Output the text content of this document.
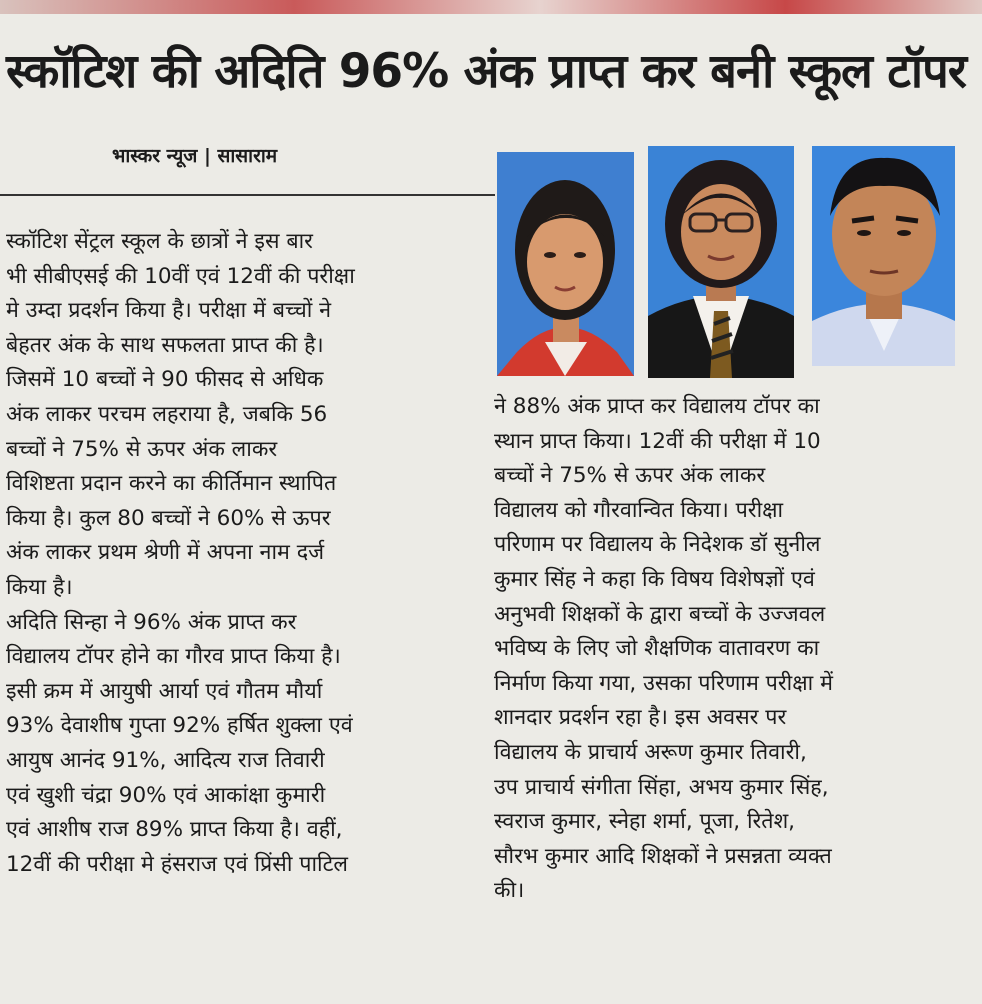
स्कॉटिश की अदिति 96% अंक प्राप्त कर बनी स्कूल टॉपर
भास्कर न्यूज | सासाराम

स्कॉटिश सेंट्रल स्कूल के छात्रों ने इस बार

भी सीबीएसई की 10वीं एवं 12वीं की परीक्षा

मे उम्दा प्रदर्शन किया है। परीक्षा में बच्चों ने

बेहतर अंक के साथ सफलता प्राप्त की है।

जिसमें 10 बच्चों ने 90 फीसद से अधिक

अंक लाकर परचम लहराया है, जबकि 56

बच्चों ने 75% से ऊपर अंक लाकर

विशिष्टता प्रदान करने का कीर्तिमान स्थापित

किया है। कुल 80 बच्चों ने 60% से ऊपर

अंक लाकर प्रथम श्रेणी में अपना नाम दर्ज

किया है।

अदिति सिन्हा ने 96% अंक प्राप्त कर

विद्यालय टॉपर होने का गौरव प्राप्त किया है।

इसी क्रम में आयुषी आर्या एवं गौतम मौर्या

93% देवाशीष गुप्ता 92% हर्षित शुक्ला एवं

आयुष आनंद 91%, आदित्य राज तिवारी

एवं खुशी चंद्रा 90% एवं आकांक्षा कुमारी

एवं आशीष राज 89% प्राप्त किया है। वहीं,

12वीं की परीक्षा मे हंसराज एवं प्रिंसी पाटिल

ने 88% अंक प्राप्त कर विद्यालय टॉपर का

स्थान प्राप्त किया। 12वीं की परीक्षा में 10

बच्चों ने 75% से ऊपर अंक लाकर

विद्यालय को गौरवान्वित किया। परीक्षा

परिणाम पर विद्यालय के निदेशक डॉ सुनील

कुमार सिंह ने कहा कि विषय विशेषज्ञों एवं

अनुभवी शिक्षकों के द्वारा बच्चों के उज्जवल

भविष्य के लिए जो शैक्षणिक वातावरण का

निर्माण किया गया, उसका परिणाम परीक्षा में

शानदार प्रदर्शन रहा है। इस अवसर पर

विद्यालय के प्राचार्य अरूण कुमार तिवारी,

उप प्राचार्य संगीता सिंहा, अभय कुमार सिंह,

स्वराज कुमार, स्नेहा शर्मा, पूजा, रितेश,

सौरभ कुमार आदि शिक्षकों ने प्रसन्नता व्यक्त

की।
